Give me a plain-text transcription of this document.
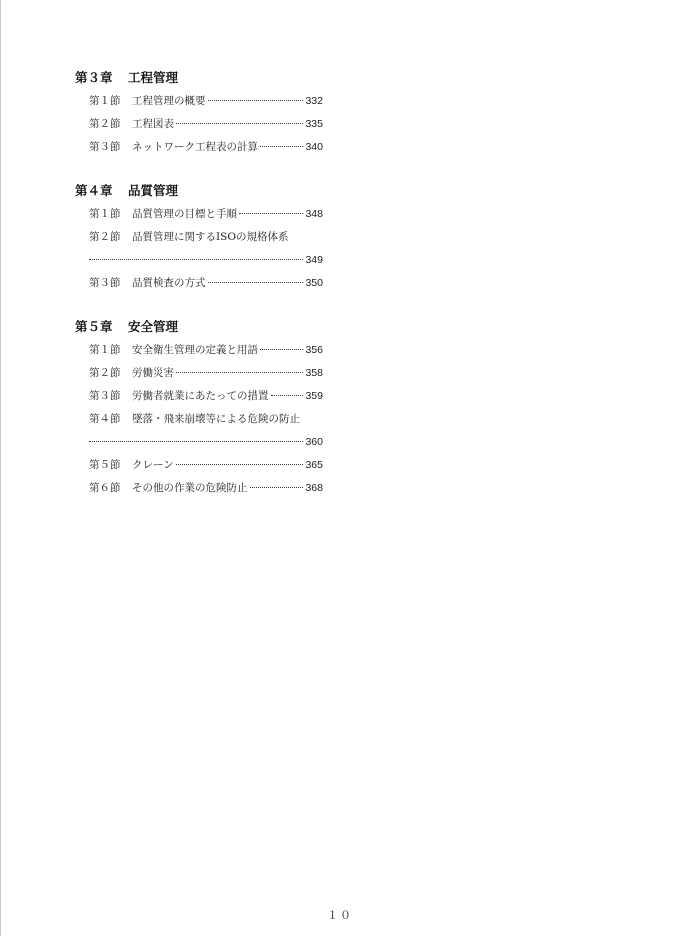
第３章 工程管理
第１節	工程管理の概要	332
第２節	工程図表	335
第３節	ネットワーク工程表の計算	340
第４章 品質管理
第１節	品質管理の目標と手順	348
第２節	品質管理に関するISOの規格体系
349
第３節	品質検査の方式	350
第５章 安全管理
第１節	安全衛生管理の定義と用語	356
第２節	労働災害	358
第３節	労働者就業にあたっての措置	359
第４節	墜落・飛来崩壊等による危険の防止
360
第５節	クレーン	365
第６節	その他の作業の危険防止	368
１０
